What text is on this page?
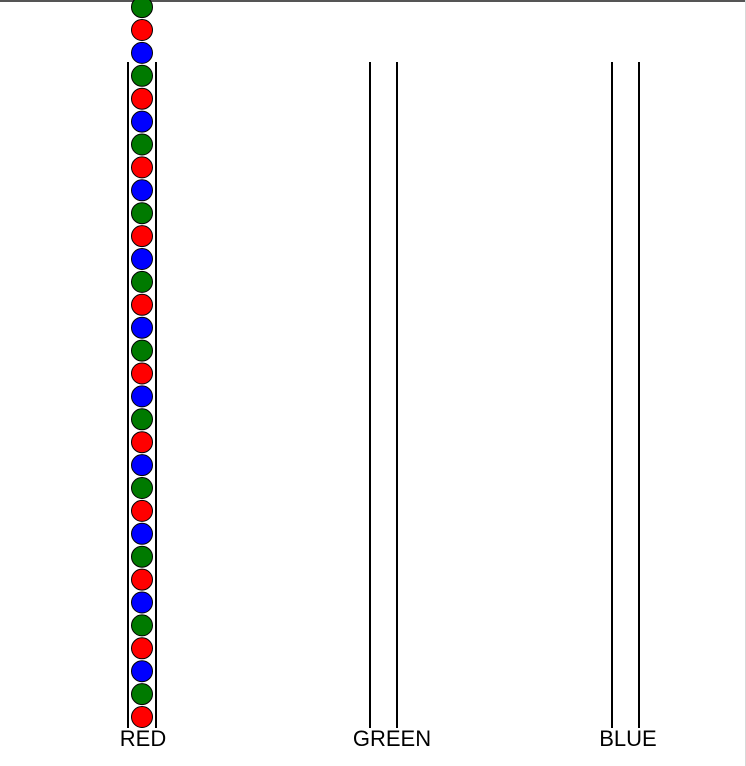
RED	GREEN	BLUE
